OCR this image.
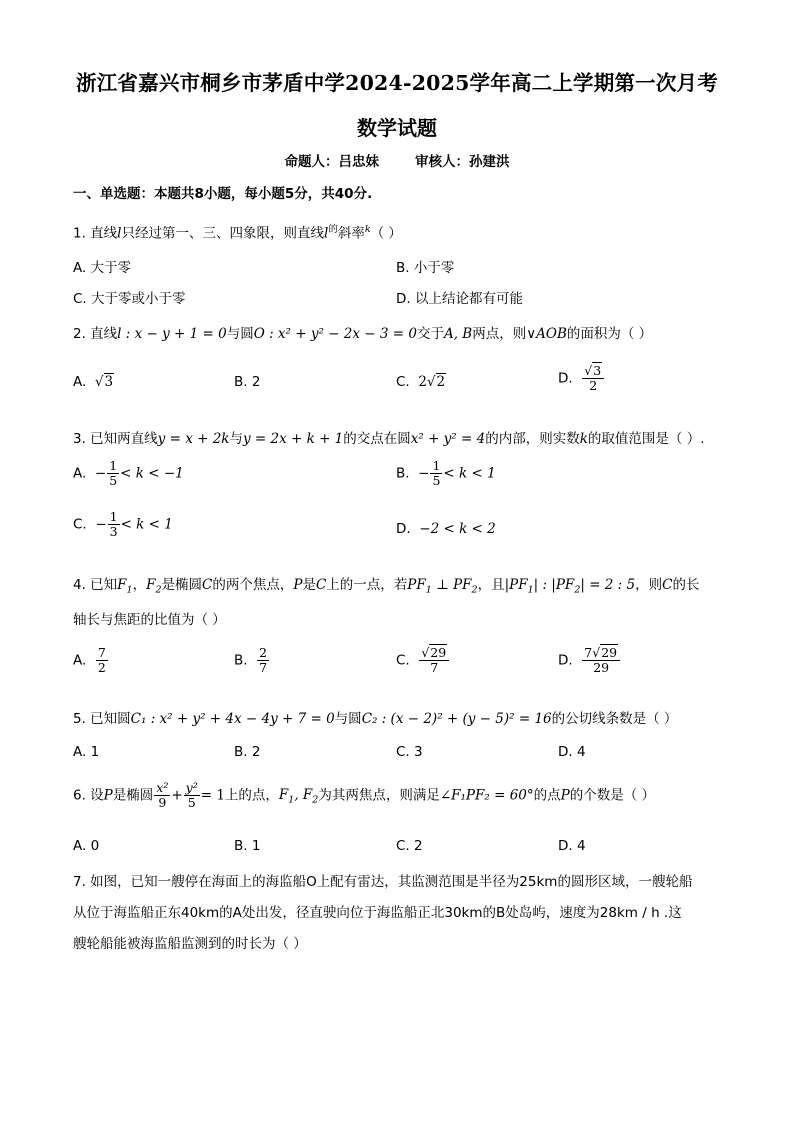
浙江省嘉兴市桐乡市茅盾中学2024-2025学年高二上学期第一次月考
数学试题
命题人：吕忠妹	审核人：孙建洪
一、单选题：本题共8小题，每小题5分，共40分.
1. 直线l只经过第一、三、四象限，则直线$l^的$斜率$^k$（ ）
A. 大于零	B. 小于零
C. 大于零或小于零	D. 以上结论都有可能
2. 直线l : x − y + 1 = 0与圆O : x² + y² − 2x − 3 = 0交于A, B两点，则∨AOB的面积为（ ）
A. √3	B. 2	C. 2√2	D. $\frac{√3}{2}$
3. 已知两直线y = x + 2k与y = 2x + k + 1的交点在圆x² + y² = 4的内部，则实数k的取值范围是（ ）.
A. − $\frac{1}{5} < k < -1$	B. − $\frac{1}{5} < k < 1$
C. − $\frac{1}{3} < k < 1$	D. −2 < k < 2
4. 已知$F_1$，$F_2$是椭圆C的两个焦点，P是C上的一点，若$PF_1$ ⊥ $PF_2$，且$|PF_1|$ : $|PF_2| = 2$ : 5，则C的长
轴长与焦距的比值为（ ）
A. $\frac{7}{2}$	B. $\frac{2}{7}$	C. $\frac{√29}{7}$	D. $\frac{7√29}{29}$
5. 已知圆C₁ : x² + y² + 4x − 4y + 7 = 0与圆C₂ : (x − 2)² + (y − 5)² = 16的公切线条数是（ ）
A. 1	B. 2	C. 3	D. 4
6. 设P是椭圆 $\frac{\text{x²}}{9} + \frac{\text{y²}}{5} = 1$上的点，$F_1$, $F_2$为其两焦点，则满足∠F₁PF₂ = 60°的点P的个数是（ ）
A. 0	B. 1	C. 2	D. 4
7. 如图，已知一艘停在海面上的海监船O上配有雷达，其监测范围是半径为25km的圆形区域，一艘轮船
从位于海监船正东40km的A处出发，径直驶向位于海监船正北30km的B处岛屿，速度为28km / h .这
艘轮船能被海监船监测到的时长为（ ）
